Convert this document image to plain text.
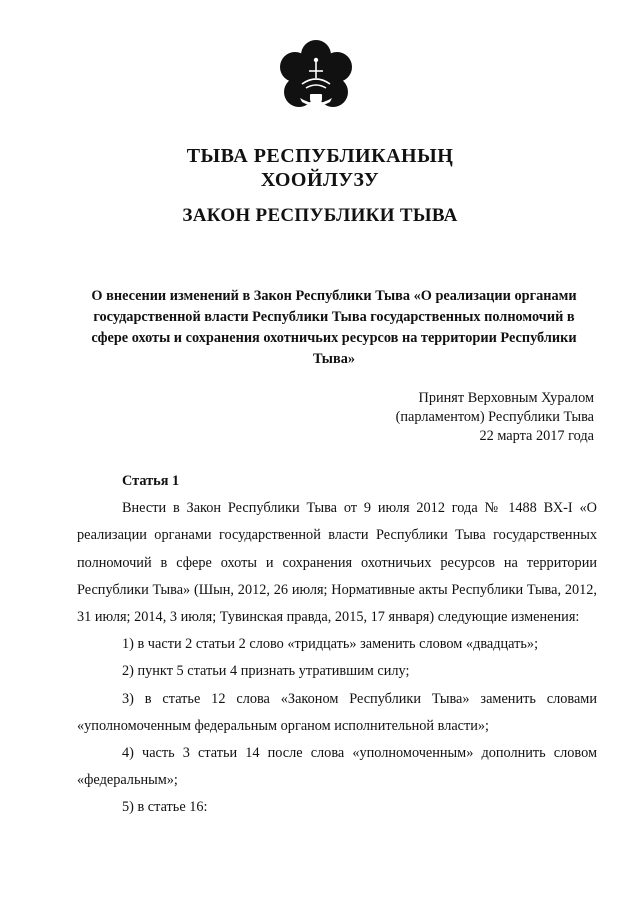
ТЫВА РЕСПУБЛИКАНЫҢ
ХООЙЛУЗУ
ЗАКОН РЕСПУБЛИКИ ТЫВА
О внесении изменений в Закон Республики Тыва «О реализации органами государственной власти Республики Тыва государственных полномочий в сфере охоты и сохранения охотничьих ресурсов на территории Республики Тыва»
Принят Верховным Хуралом
(парламентом) Республики Тыва
22 марта 2017 года
Статья 1

Внести в Закон Республики Тыва от 9 июля 2012 года № 1488 ВХ-I «О реализации органами государственной власти Республики Тыва государственных полномочий в сфере охоты и сохранения охотничьих ресурсов на территории Республики Тыва» (Шын, 2012, 26 июля; Нормативные акты Республики Тыва, 2012, 31 июля; 2014, 3 июля; Тувинская правда, 2015, 17 января) следующие изменения:

1) в части 2 статьи 2 слово «тридцать» заменить словом «двадцать»;

2) пункт 5 статьи 4 признать утратившим силу;

3) в статье 12 слова «Законом Республики Тыва» заменить словами «уполномоченным федеральным органом исполнительной власти»;

4) часть 3 статьи 14 после слова «уполномоченным» дополнить словом «федеральным»;

5) в статье 16:
